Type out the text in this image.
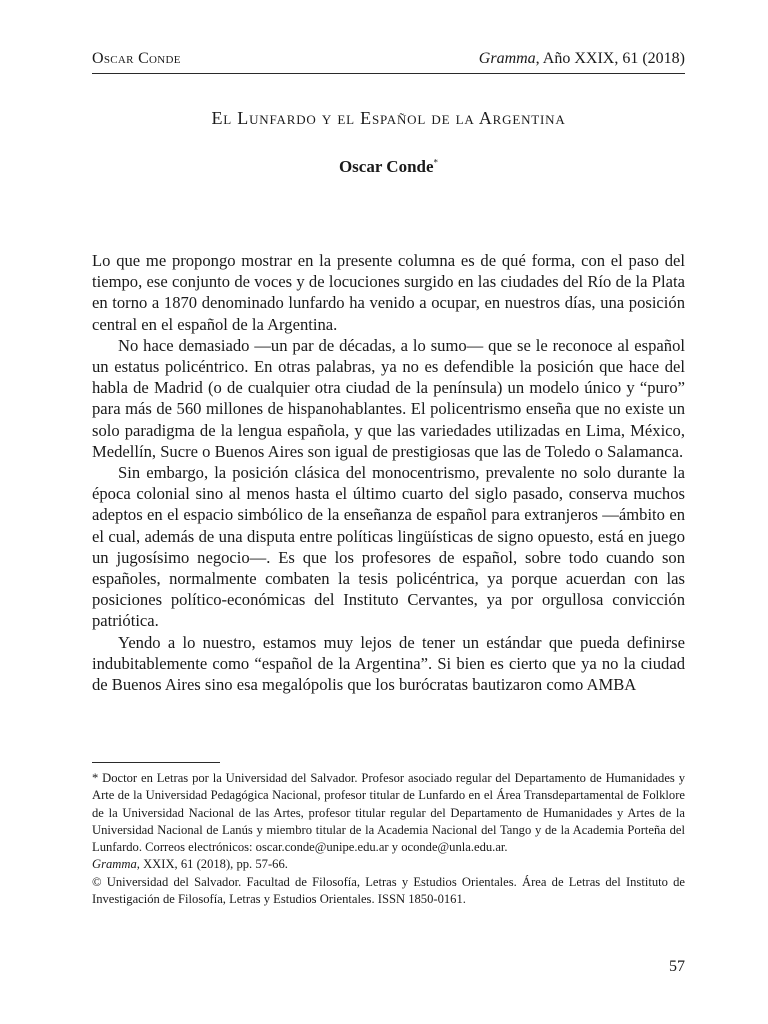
Oscar Conde	Gramma, Año XXIX, 61 (2018)
El Lunfardo y el Español de la Argentina
Oscar Conde*

Lo que me propongo mostrar en la presente columna es de qué forma, con el paso del tiempo, ese conjunto de voces y de locuciones surgido en las ciudades del Río de la Plata en torno a 1870 denominado lunfardo ha venido a ocupar, en nuestros días, una posición central en el español de la Argentina.

No hace demasiado —un par de décadas, a lo sumo— que se le reconoce al español un estatus policéntrico. En otras palabras, ya no es defendible la posición que hace del habla de Madrid (o de cualquier otra ciudad de la península) un modelo único y “puro” para más de 560 millones de hispanohablantes. El policentrismo enseña que no existe un solo paradigma de la lengua española, y que las variedades utilizadas en Lima, México, Medellín, Sucre o Buenos Aires son igual de prestigiosas que las de Toledo o Salamanca.

Sin embargo, la posición clásica del monocentrismo, prevalente no solo durante la época colonial sino al menos hasta el último cuarto del siglo pasado, conserva muchos adeptos en el espacio simbólico de la enseñanza de español para extranjeros —ámbito en el cual, además de una disputa entre políticas lingüísticas de signo opuesto, está en juego un jugosísimo negocio—. Es que los profesores de español, sobre todo cuando son españoles, normalmente combaten la tesis policéntrica, ya porque acuerdan con las posiciones político-económicas del Instituto Cervantes, ya por orgullosa convicción patriótica.

Yendo a lo nuestro, estamos muy lejos de tener un estándar que pueda definirse indubitablemente como “español de la Argentina”. Si bien es cierto que ya no la ciudad de Buenos Aires sino esa megalópolis que los burócratas bautizaron como AMBA

* Doctor en Letras por la Universidad del Salvador. Profesor asociado regular del Departamento de Humanidades y Arte de la Universidad Pedagógica Nacional, profesor titular de Lunfardo en el Área Transdepartamental de Folklore de la Universidad Nacional de las Artes, profesor titular regular del Departamento de Humanidades y Artes de la Universidad Nacional de Lanús y miembro titular de la Academia Nacional del Tango y de la Academia Porteña del Lunfardo. Correos electrónicos: oscar.conde@unipe.edu.ar y oconde@unla.edu.ar.

Gramma, XXIX, 61 (2018), pp. 57-66.

© Universidad del Salvador. Facultad de Filosofía, Letras y Estudios Orientales. Área de Letras del Instituto de Investigación de Filosofía, Letras y Estudios Orientales. ISSN 1850-0161.

57
